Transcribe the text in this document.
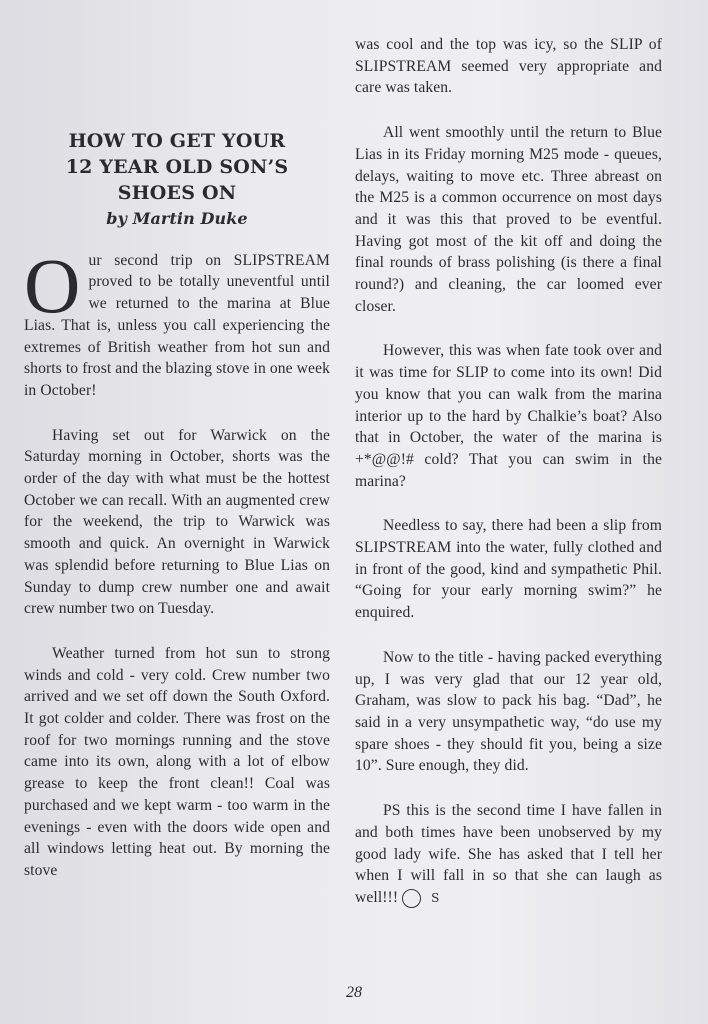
HOW TO GET YOUR
12 YEAR OLD SON’S
SHOES ON
by Martin Duke

Our second trip on SLIPSTREAM proved to be totally uneventful until we returned to the marina at Blue Lias. That is, unless you call experiencing the extremes of British weather from hot sun and shorts to frost and the blazing stove in one week in October!

Having set out for Warwick on the Saturday morning in October, shorts was the order of the day with what must be the hottest October we can recall. With an augmented crew for the weekend, the trip to Warwick was smooth and quick. An overnight in Warwick was splendid before returning to Blue Lias on Sunday to dump crew number one and await crew number two on Tuesday.

Weather turned from hot sun to strong winds and cold - very cold. Crew number two arrived and we set off down the South Oxford. It got colder and colder. There was frost on the roof for two mornings running and the stove came into its own, along with a lot of elbow grease to keep the front clean!! Coal was purchased and we kept warm - too warm in the evenings - even with the doors wide open and all windows letting heat out. By morning the stove

was cool and the top was icy, so the SLIP of SLIPSTREAM seemed very appropriate and care was taken.

All went smoothly until the return to Blue Lias in its Friday morning M25 mode - queues, delays, waiting to move etc. Three abreast on the M25 is a common occurrence on most days and it was this that proved to be eventful. Having got most of the kit off and doing the final rounds of brass polishing (is there a final round?) and cleaning, the car loomed ever closer.

However, this was when fate took over and it was time for SLIP to come into its own! Did you know that you can walk from the marina interior up to the hard by Chalkie’s boat? Also that in October, the water of the marina is +*@@!# cold? That you can swim in the marina?

Needless to say, there had been a slip from SLIPSTREAM into the water, fully clothed and in front of the good, kind and sympathetic Phil. “Going for your early morning swim?” he enquired.

Now to the title - having packed everything up, I was very glad that our 12 year old, Graham, was slow to pack his bag. “Dad”, he said in a very unsympathetic way, “do use my spare shoes - they should fit you, being a size 10”. Sure enough, they did.

PS this is the second time I have fallen in and both times have been unobserved by my good lady wife. She has asked that I tell her when I will fall in so that she can laugh as well!!!	S

28
